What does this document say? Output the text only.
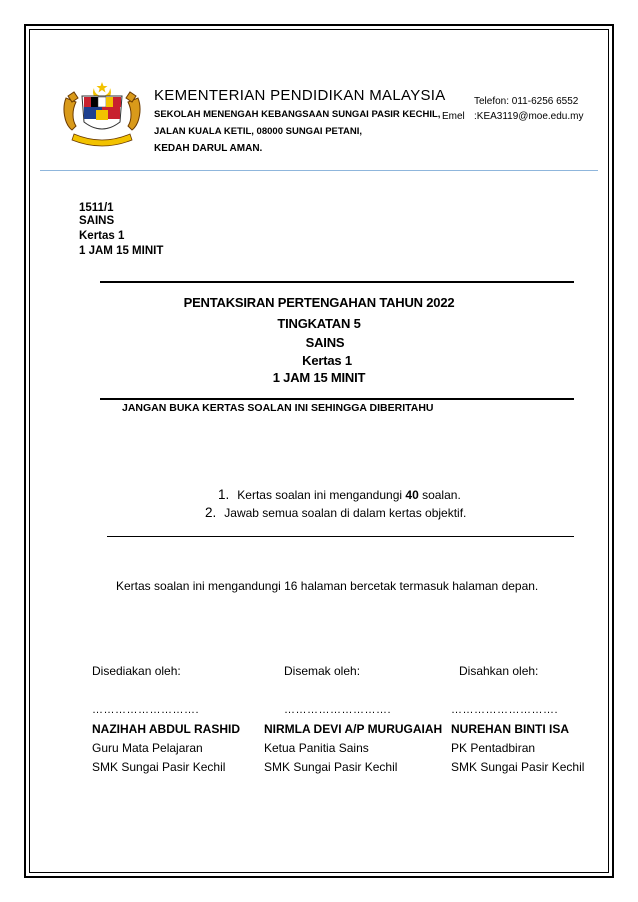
KEMENTERIAN PENDIDIKAN MALAYSIA
SEKOLAH MENENGAH KEBANGSAAN SUNGAI PASIR KECHIL,
JALAN KUALA KETIL, 08000 SUNGAI PETANI,
KEDAH DARUL AMAN.
Telefon: 011-6256 6552
Emel :KEA3119@moe.edu.my
1511/1
SAINS
Kertas 1
1 JAM 15 MINIT
PENTAKSIRAN PERTENGAHAN TAHUN 2022
TINGKATAN 5
SAINS
Kertas 1
1 JAM 15 MINIT
JANGAN BUKA KERTAS SOALAN INI SEHINGGA DIBERITAHU
1. Kertas soalan ini mengandungi 40 soalan.
2. Jawab semua soalan di dalam kertas objektif.
Kertas soalan ini mengandungi 16 halaman bercetak termasuk halaman depan.
Disediakan oleh:
……………………….
NAZIHAH ABDUL RASHID
Guru Mata Pelajaran
SMK Sungai Pasir Kechil
Disemak oleh:
……………………….
NIRMLA DEVI A/P MURUGAIAH
Ketua Panitia Sains
SMK Sungai Pasir Kechil
Disahkan oleh:
……………………….
NUREHAN BINTI ISA
PK Pentadbiran
SMK Sungai Pasir Kechil
